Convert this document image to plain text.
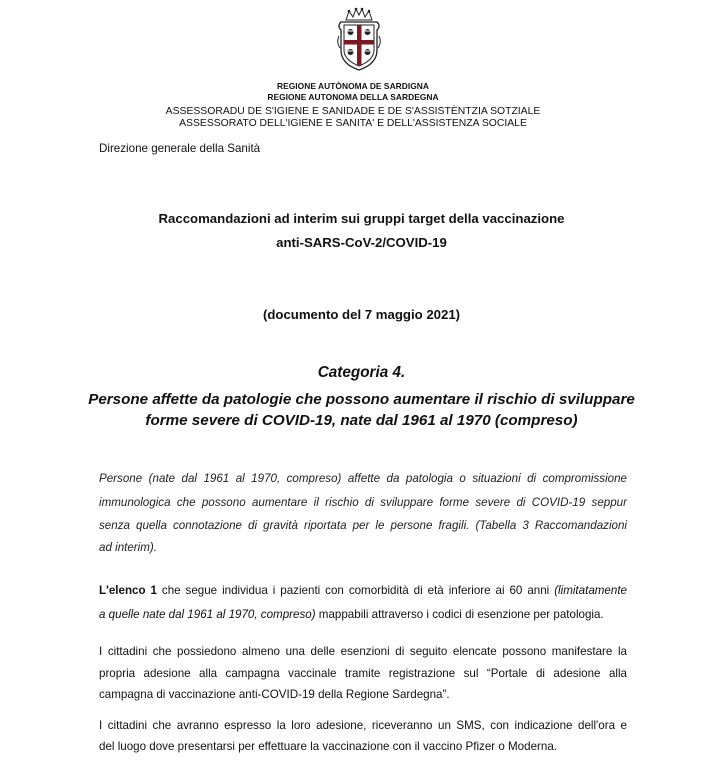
REGIONE AUTÒNOMA DE SARDIGNA

REGIONE AUTONOMA DELLA SARDEGNA

ASSESSORADU DE S'IGIENE E SANIDADE E DE S'ASSISTÈNTZIA SOTZIALE
ASSESSORATO DELL'IGIENE E SANITA' E DELL'ASSISTENZA SOCIALE
Direzione generale della Sanità
Raccomandazioni ad interim sui gruppi target della vaccinazione
anti-SARS-CoV-2/COVID-19
(documento del 7 maggio 2021)
Categoria 4.
Persone affette da patologie che possono aumentare il rischio di sviluppare
forme severe di COVID-19, nate dal 1961 al 1970 (compreso)
Persone (nate dal 1961 al 1970, compreso) affette da patologia o situazioni di compromissione
immunologica che possono aumentare il rischio di sviluppare forme severe di COVID-19 seppur
senza quella connotazione di gravità riportata per le persone fragili. (Tabella 3 Raccomandazioni
ad interim).
L'elenco 1 che segue individua i pazienti con comorbidità di età inferiore ai 60 anni (limitatamente
a quelle nate dal 1961 al 1970, compreso) mappabili attraverso i codici di esenzione per patologia.
I cittadini che possiedono almeno una delle esenzioni di seguito elencate possono manifestare la
propria adesione alla campagna vaccinale tramite registrazione sul “Portale di adesione alla
campagna di vaccinazione anti-COVID-19 della Regione Sardegna”.
I cittadini che avranno espresso la loro adesione, riceveranno un SMS, con indicazione dell'ora e
del luogo dove presentarsi per effettuare la vaccinazione con il vaccino Pfizer o Moderna.
